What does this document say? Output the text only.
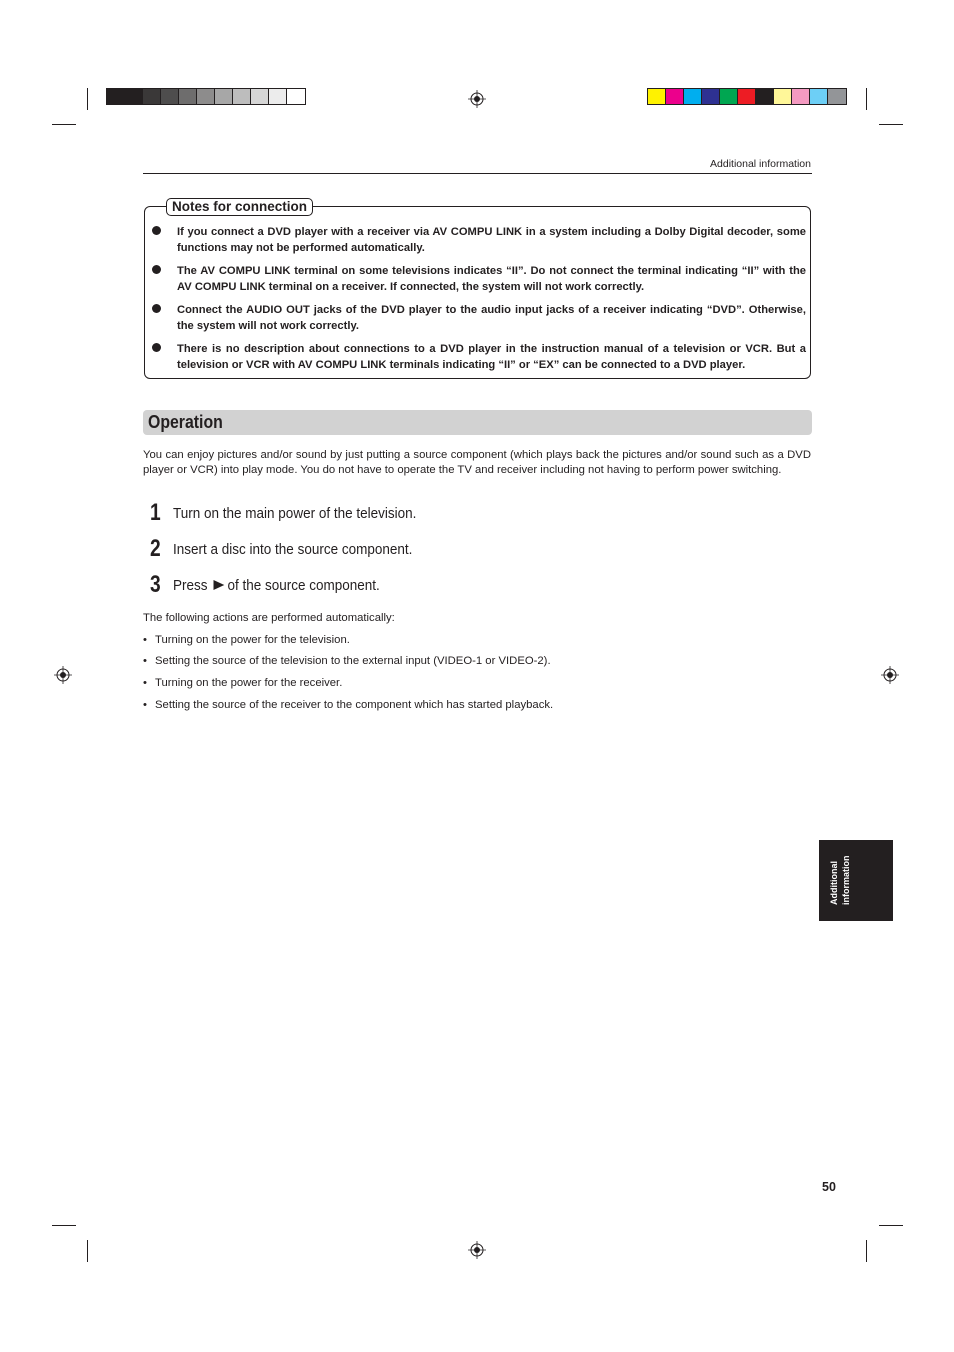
Additional information
Notes for connection
If you connect a DVD player with a receiver via AV COMPU LINK in a system including a Dolby Digital decoder, some functions may not be performed automatically.
The AV COMPU LINK terminal on some televisions indicates “II”. Do not connect the terminal indicating “II” with the AV COMPU LINK terminal on a receiver. If connected, the system will not work correctly.
Connect the AUDIO OUT jacks of the DVD player to the audio input jacks of a receiver indicating “DVD”. Otherwise, the system will not work correctly.
There is no description about connections to a DVD player in the instruction manual of a television or VCR. But a television or VCR with AV COMPU LINK terminals indicating “II” or “EX” can be connected to a DVD player.
Operation
You can enjoy pictures and/or sound by just putting a source component (which plays back the pictures and/or sound such as a DVD player or VCR) into play mode. You do not have to operate the TV and receiver including not having to perform power switching.
1 Turn on the main power of the television.
2 Insert a disc into the source component.
3 Press of the source component.
The following actions are performed automatically:
• Turning on the power for the television.
• Setting the source of the television to the external input (VIDEO-1 or VIDEO-2).
• Turning on the power for the receiver.
• Setting the source of the receiver to the component which has started playback.
Additional information
50
